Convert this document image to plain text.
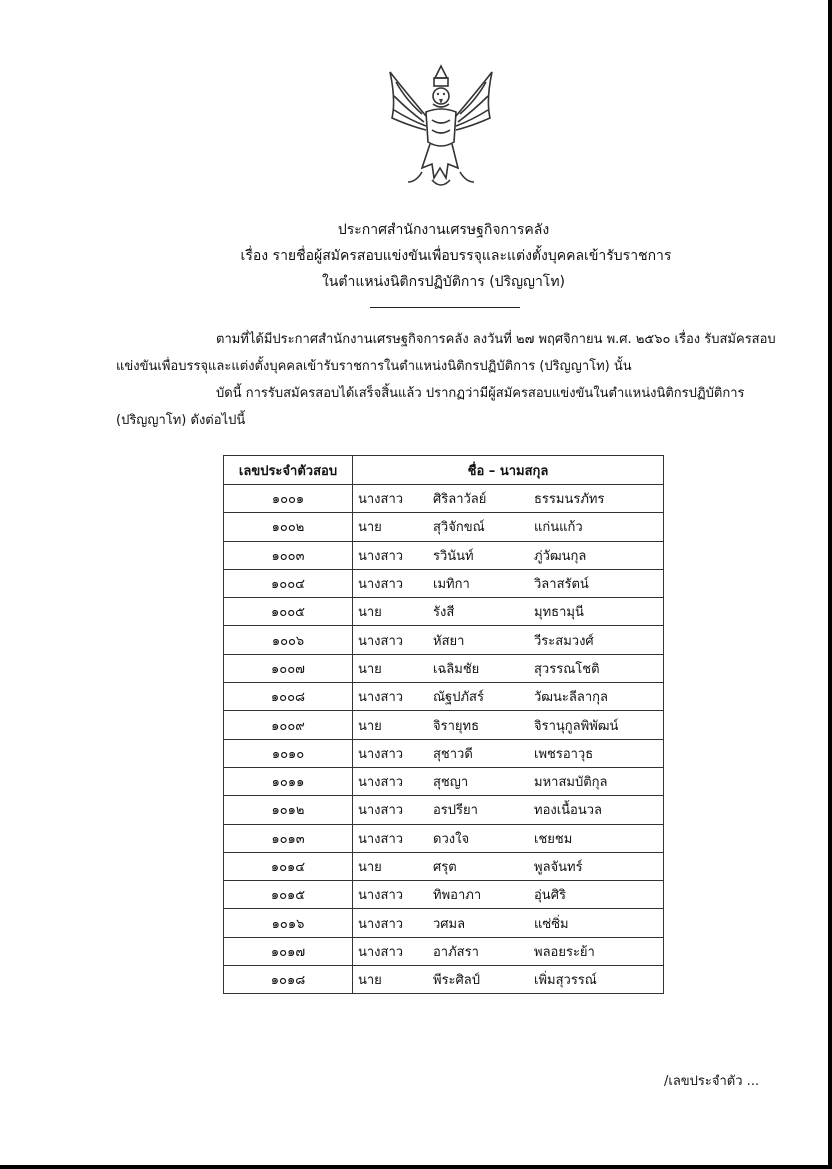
ประกาศสำนักงานเศรษฐกิจการคลัง
เรื่อง รายชื่อผู้สมัครสอบแข่งขันเพื่อบรรจุและแต่งตั้งบุคคลเข้ารับราชการ
ในตำแหน่งนิติกรปฏิบัติการ (ปริญญาโท)
ตามที่ได้มีประกาศสำนักงานเศรษฐกิจการคลัง ลงวันที่ ๒๗ พฤศจิกายน พ.ศ. ๒๕๖๐ เรื่อง รับสมัครสอบแข่งขันเพื่อบรรจุและแต่งตั้งบุคคลเข้ารับราชการในตำแหน่งนิติกรปฏิบัติการ (ปริญญาโท) นั้น
บัดนี้ การรับสมัครสอบได้เสร็จสิ้นแล้ว ปรากฏว่ามีผู้สมัครสอบแข่งขันในตำแหน่งนิติกรปฏิบัติการ (ปริญญาโท) ดังต่อไปนี้
เลขประจำตัวสอบ	ชื่อ – นามสกุล		
๑๐๐๑	นางสาว	ศิริลาวัลย์	ธรรมนรภัทร
๑๐๐๒	นาย	สุวิจักขณ์	แก่นแก้ว
๑๐๐๓	นางสาว	รวินันท์	ภู่วัฒนกุล
๑๐๐๔	นางสาว	เมทิกา	วิลาสรัตน์
๑๐๐๕	นาย	รังสี	มุทธามุนี
๑๐๐๖	นางสาว	หัสยา	วีระสมวงศ์
๑๐๐๗	นาย	เฉลิมชัย	สุวรรณโชติ
๑๐๐๘	นางสาว	ณัฐปภัสร์	วัฒนะลีลากุล
๑๐๐๙	นาย	จิรายุทธ	จิรานุกูลพิพัฒน์
๑๐๑๐	นางสาว	สุชาวดี	เพชรอาวุธ
๑๐๑๑	นางสาว	สุชญา	มหาสมบัติกุล
๑๐๑๒	นางสาว	อรปรียา	ทองเนื้อนวล
๑๐๑๓	นางสาว	ดวงใจ	เชยชม
๑๐๑๔	นาย	ศรุต	พูลจันทร์
๑๐๑๕	นางสาว	ทิพอาภา	อุ่นศิริ
๑๐๑๖	นางสาว	วศมล	แซ่ซิ่ม
๑๐๑๗	นางสาว	อาภัสรา	พลอยระย้า
๑๐๑๘	นาย	พีระศิลป์	เพิ่มสุวรรณ์
/เลขประจำตัว ...
